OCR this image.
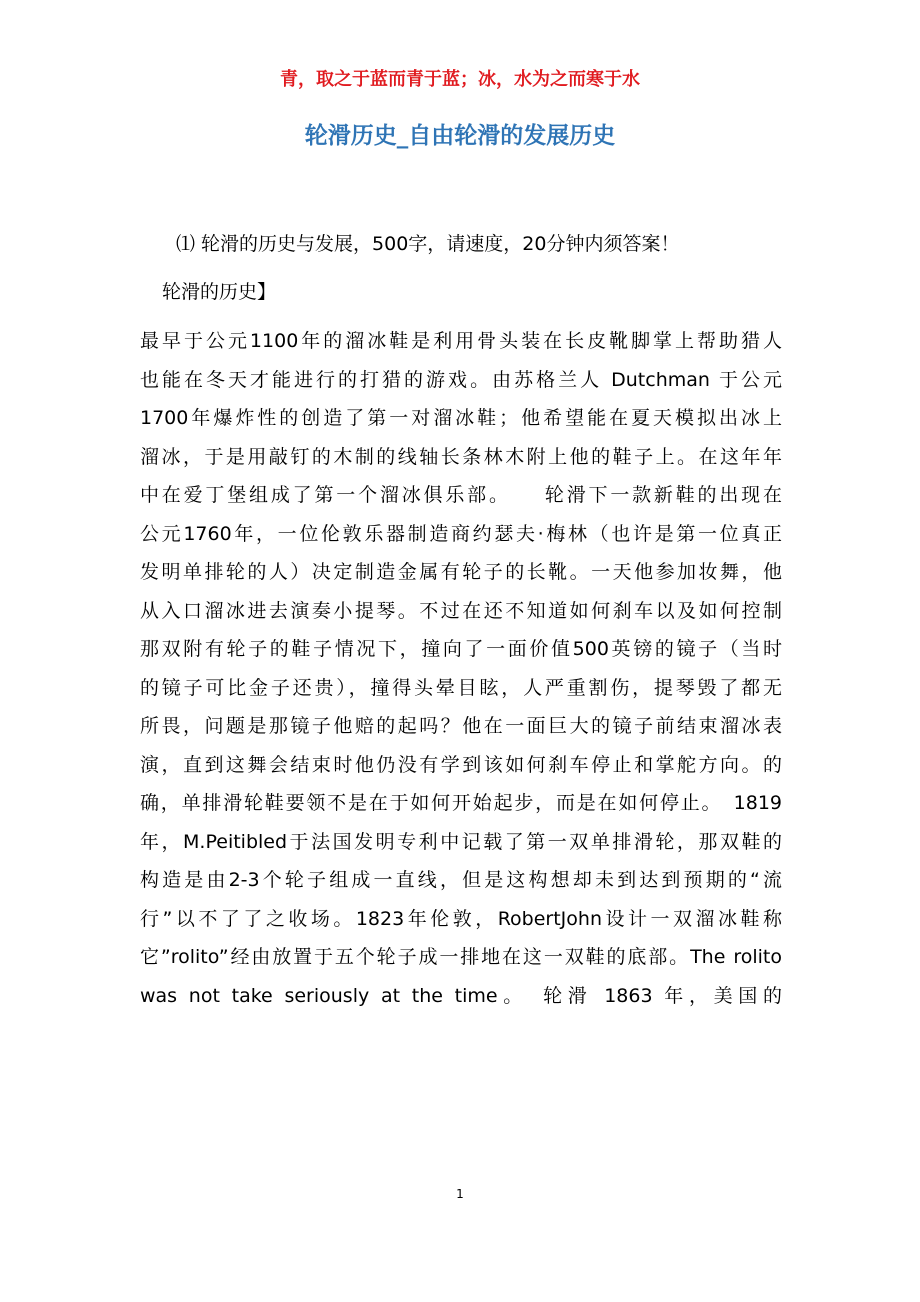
青，取之于蓝而青于蓝；冰，水为之而寒于水
轮滑历史_自由轮滑的发展历史
⑴ 轮滑的历史与发展，500字，请速度，20分钟内须答案！
轮滑的历史】
最早于公元1100年的溜冰鞋是利用骨头装在长皮靴脚掌上帮助猎人
也能在冬天才能进行的打猎的游戏。由苏格兰人 Dutchman 于公元
1700年爆炸性的创造了第一对溜冰鞋；他希望能在夏天模拟出冰上
溜冰，于是用敲钉的木制的线轴长条林木附上他的鞋子上。在这年年
中在爱丁堡组成了第一个溜冰俱乐部。　　轮滑下一款新鞋的出现在
公元1760年，一位伦敦乐器制造商约瑟夫·梅林（也许是第一位真正
发明单排轮的人）决定制造金属有轮子的长靴。一天他参加妆舞，他
从入口溜冰进去演奏小提琴。不过在还不知道如何刹车以及如何控制
那双附有轮子的鞋子情况下，撞向了一面价值500英镑的镜子（当时
的镜子可比金子还贵），撞得头晕目眩，人严重割伤，提琴毁了都无
所畏，问题是那镜子他赔的起吗？他在一面巨大的镜子前结束溜冰表
演，直到这舞会结束时他仍没有学到该如何刹车停止和掌舵方向。的
确，单排滑轮鞋要领不是在于如何开始起步，而是在如何停止。　1819
年，M.Peitibled于法国发明专利中记载了第一双单排滑轮，那双鞋的
构造是由2-3个轮子组成一直线，但是这构想却未到达到预期的“流
行”以不了了之收场。1823年伦敦，RobertJohn设计一双溜冰鞋称
它”rolito”经由放置于五个轮子成一排地在这一双鞋的底部。The rolito
was not take seriously at the time。　轮滑 1863 年，美国的
1
